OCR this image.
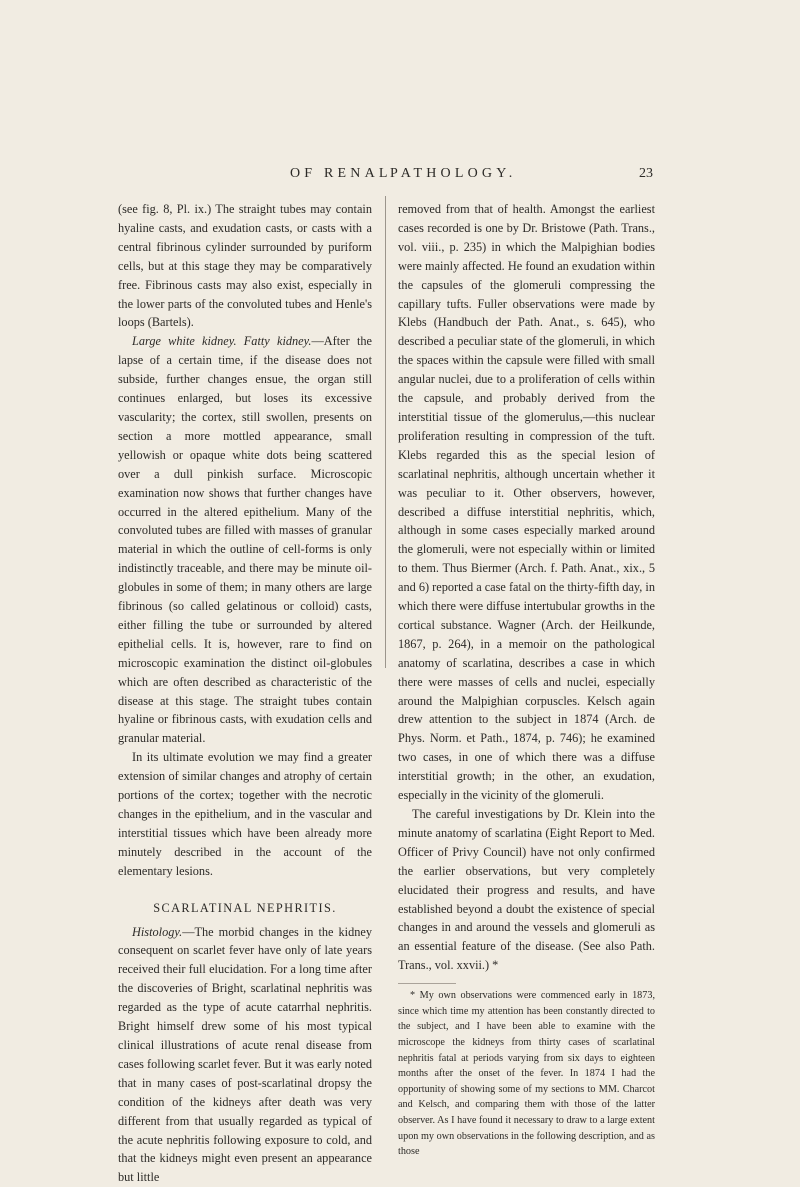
OF RENAL
PATHOLOGY.	23

(see fig. 8, Pl. ix.) The straight tubes may contain hyaline casts, and exudation casts, or casts with a central fibrinous cylinder surrounded by puriform cells, but at this stage they may be comparatively free. Fibrinous casts may also exist, especially in the lower parts of the convoluted tubes and Henle's loops (Bartels).

Large white kidney. Fatty kidney.—After the lapse of a certain time, if the disease does not subside, further changes ensue, the organ still continues enlarged, but loses its excessive vascularity; the cortex, still swollen, presents on section a more mottled appearance, small yellowish or opaque white dots being scattered over a dull pinkish surface. Microscopic examination now shows that further changes have occurred in the altered epithelium. Many of the convoluted tubes are filled with masses of granular material in which the outline of cell-forms is only indistinctly traceable, and there may be minute oil-globules in some of them; in many others are large fibrinous (so called gelatinous or colloid) casts, either filling the tube or surrounded by altered epithelial cells. It is, however, rare to find on microscopic examination the distinct oil-globules which are often described as characteristic of the disease at this stage. The straight tubes contain hyaline or fibrinous casts, with exudation cells and granular material.

In its ultimate evolution we may find a greater extension of similar changes and atrophy of certain portions of the cortex; together with the necrotic changes in the epithelium, and in the vascular and interstitial tissues which have been already more minutely described in the account of the elementary lesions.

SCARLATINAL NEPHRITIS.

Histology.—The morbid changes in the kidney consequent on scarlet fever have only of late years received their full elucidation. For a long time after the discoveries of Bright, scarlatinal nephritis was regarded as the type of acute catarrhal nephritis. Bright himself drew some of his most typical clinical illustrations of acute renal disease from cases following scarlet fever. But it was early noted that in many cases of post-scarlatinal dropsy the condition of the kidneys after death was very different from that usually regarded as typical of the acute nephritis following exposure to cold, and that the kidneys might even present an appearance but little

removed from that of health. Amongst the earliest cases recorded is one by Dr. Bristowe (Path. Trans., vol. viii., p. 235) in which the Malpighian bodies were mainly affected. He found an exudation within the capsules of the glomeruli compressing the capillary tufts. Fuller observations were made by Klebs (Handbuch der Path. Anat., s. 645), who described a peculiar state of the glomeruli, in which the spaces within the capsule were filled with small angular nuclei, due to a proliferation of cells within the capsule, and probably derived from the interstitial tissue of the glomerulus,—this nuclear proliferation resulting in compression of the tuft. Klebs regarded this as the special lesion of scarlatinal nephritis, although uncertain whether it was peculiar to it. Other observers, however, described a diffuse interstitial nephritis, which, although in some cases especially marked around the glomeruli, were not especially within or limited to them. Thus Biermer (Arch. f. Path. Anat., xix., 5 and 6) reported a case fatal on the thirty-fifth day, in which there were diffuse intertubular growths in the cortical substance. Wagner (Arch. der Heilkunde, 1867, p. 264), in a memoir on the pathological anatomy of scarlatina, describes a case in which there were masses of cells and nuclei, especially around the Malpighian corpuscles. Kelsch again drew attention to the subject in 1874 (Arch. de Phys. Norm. et Path., 1874, p. 746); he examined two cases, in one of which there was a diffuse interstitial growth; in the other, an exudation, especially in the vicinity of the glomeruli.

The careful investigations by Dr. Klein into the minute anatomy of scarlatina (Eight Report to Med. Officer of Privy Council) have not only confirmed the earlier observations, but very completely elucidated their progress and results, and have established beyond a doubt the existence of special changes in and around the vessels and glomeruli as an essential feature of the disease. (See also Path. Trans., vol. xxvii.) *

* My own observations were commenced early in 1873, since which time my attention has been constantly directed to the subject, and I have been able to examine with the microscope the kidneys from thirty cases of scarlatinal nephritis fatal at periods varying from six days to eighteen months after the onset of the fever. In 1874 I had the opportunity of showing some of my sections to MM. Charcot and Kelsch, and comparing them with those of the latter observer. As I have found it necessary to draw to a large extent upon my own observations in the following description, and as those
